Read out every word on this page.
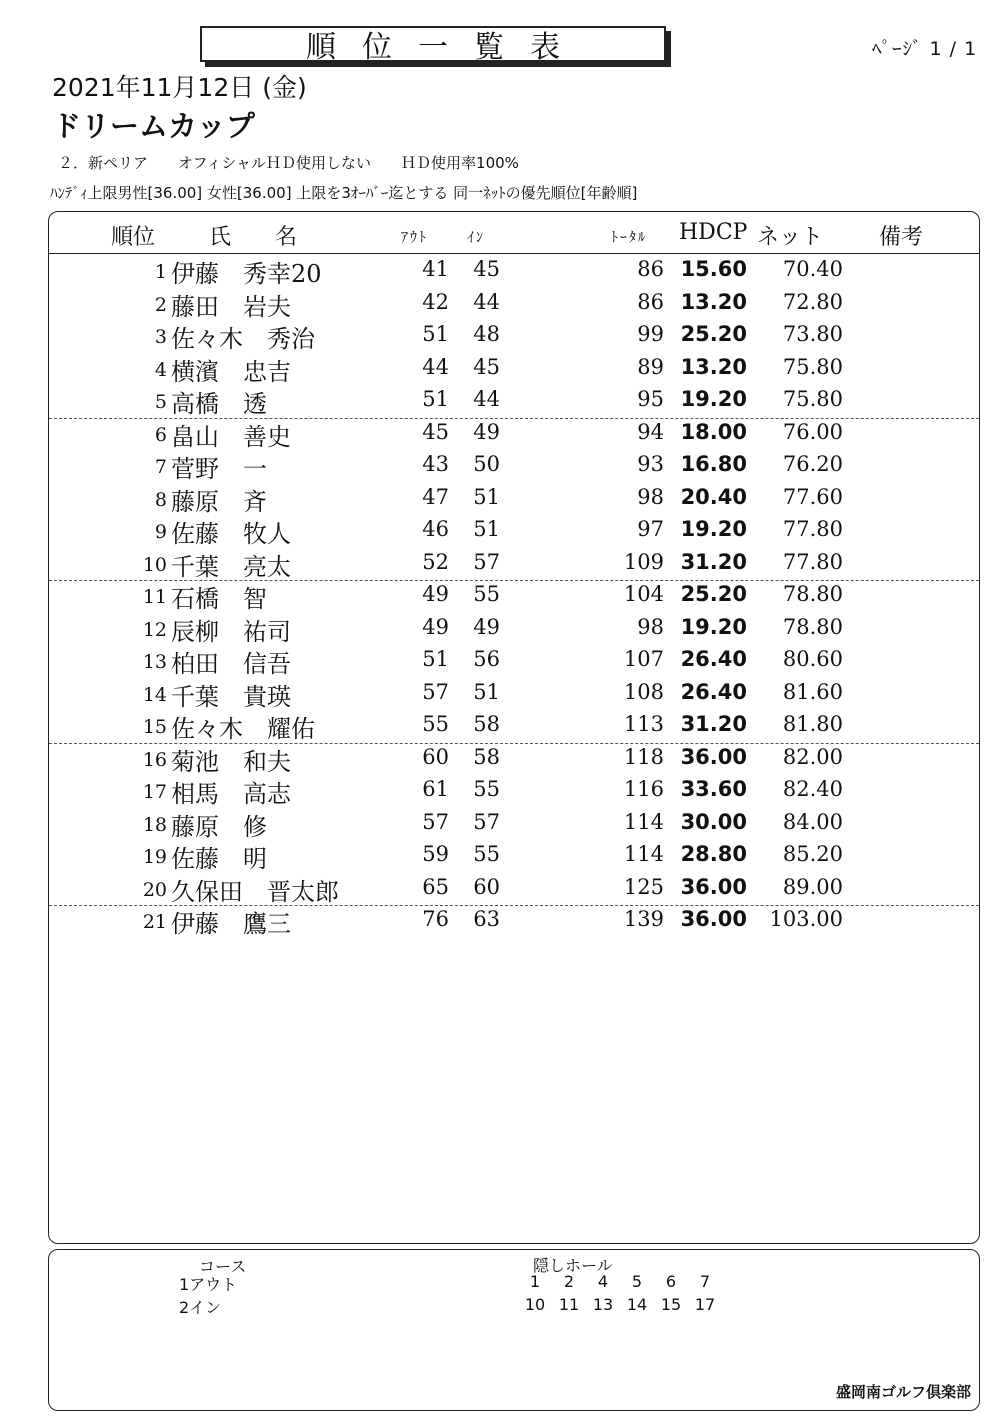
順位一覧表	ﾍﾟｰｼﾞ 1 / 1
2021年11月12日 (金)
ドリームカップ
２．新ペリア　　オフィシャルＨＤ使用しない　　ＨＤ使用率100%
ﾊﾝﾃﾞｨ上限男性[36.00] 女性[36.00] 上限を3ｵｰﾊﾞｰ迄とする 同一ﾈｯﾄの優先順位[年齢順]
順位 氏　　名	ｱｳﾄ	ｲﾝ	ﾄｰﾀﾙ HDCP ネット	備考
1 伊藤　秀幸20	41	45	86 15.60	70.40
2 藤田　岩夫	42	44	86 13.20	72.80
3 佐々木　秀治	51	48	99 25.20	73.80
4 横濱　忠吉	44	45	89 13.20	75.80
5 高橋　透	51	44	95 19.20	75.80
6 畠山　善史	45	49	94 18.00	76.00
7 菅野　一	43	50	93 16.80	76.20
8 藤原　斉	47	51	98 20.40	77.60
9 佐藤　牧人	46	51	97 19.20	77.80
10 千葉　亮太	52	57	109 31.20	77.80
11 石橋　智	49	55	104 25.20	78.80
12 辰柳　祐司	49	49	98 19.20	78.80
13 柏田　信吾	51	56	107 26.40	80.60
14 千葉　貴瑛	57	51	108 26.40	81.60
15 佐々木　耀佑	55	58	113 31.20	81.80
16 菊池　和夫	60	58	118 36.00	82.00
17 相馬　高志	61	55	116 33.60	82.40
18 藤原　修	57	57	114 30.00	84.00
19 佐藤　明	59	55	114 28.80	85.20
20 久保田　晋太郎	65	60	125 36.00	89.00
21 伊藤　鷹三	76	63	139 36.00	103.00
コース
1アウト
2イン
隠しホール
1	2	4	5	6	7
10 11 13 14 15 17
盛岡南ゴルフ倶楽部
